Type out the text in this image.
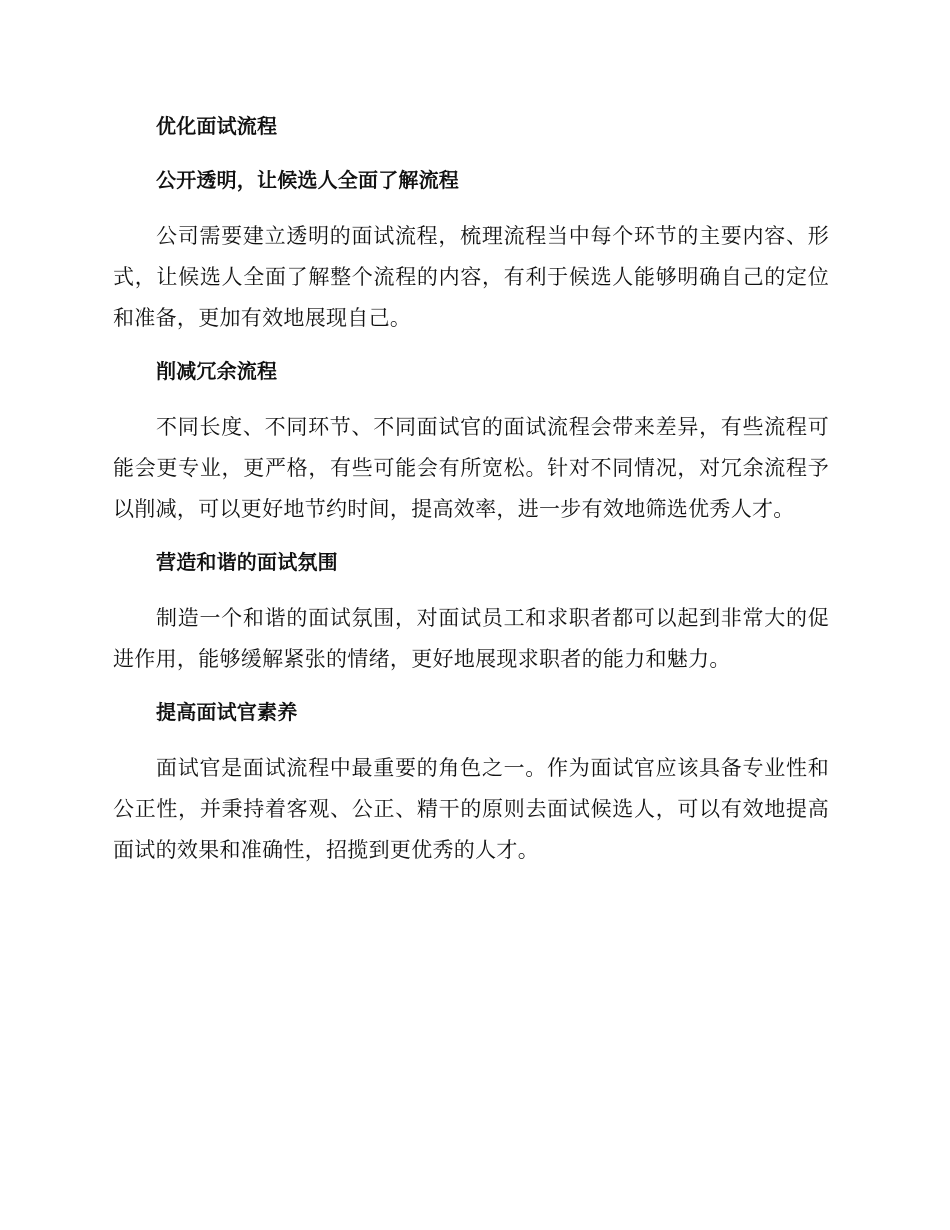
优化面试流程
公开透明，让候选人全面了解流程

公司需要建立透明的面试流程，梳理流程当中每个环节的主要内容、形式，让候选人全面了解整个流程的内容，有利于候选人能够明确自己的定位和准备，更加有效地展现自己。

削减冗余流程

不同长度、不同环节、不同面试官的面试流程会带来差异，有些流程可能会更专业，更严格，有些可能会有所宽松。针对不同情况，对冗余流程予以削减，可以更好地节约时间，提高效率，进一步有效地筛选优秀人才。

营造和谐的面试氛围

制造一个和谐的面试氛围，对面试员工和求职者都可以起到非常大的促进作用，能够缓解紧张的情绪，更好地展现求职者的能力和魅力。

提高面试官素养

面试官是面试流程中最重要的角色之一。作为面试官应该具备专业性和公正性，并秉持着客观、公正、精干的原则去面试候选人，可以有效地提高面试的效果和准确性，招揽到更优秀的人才。
